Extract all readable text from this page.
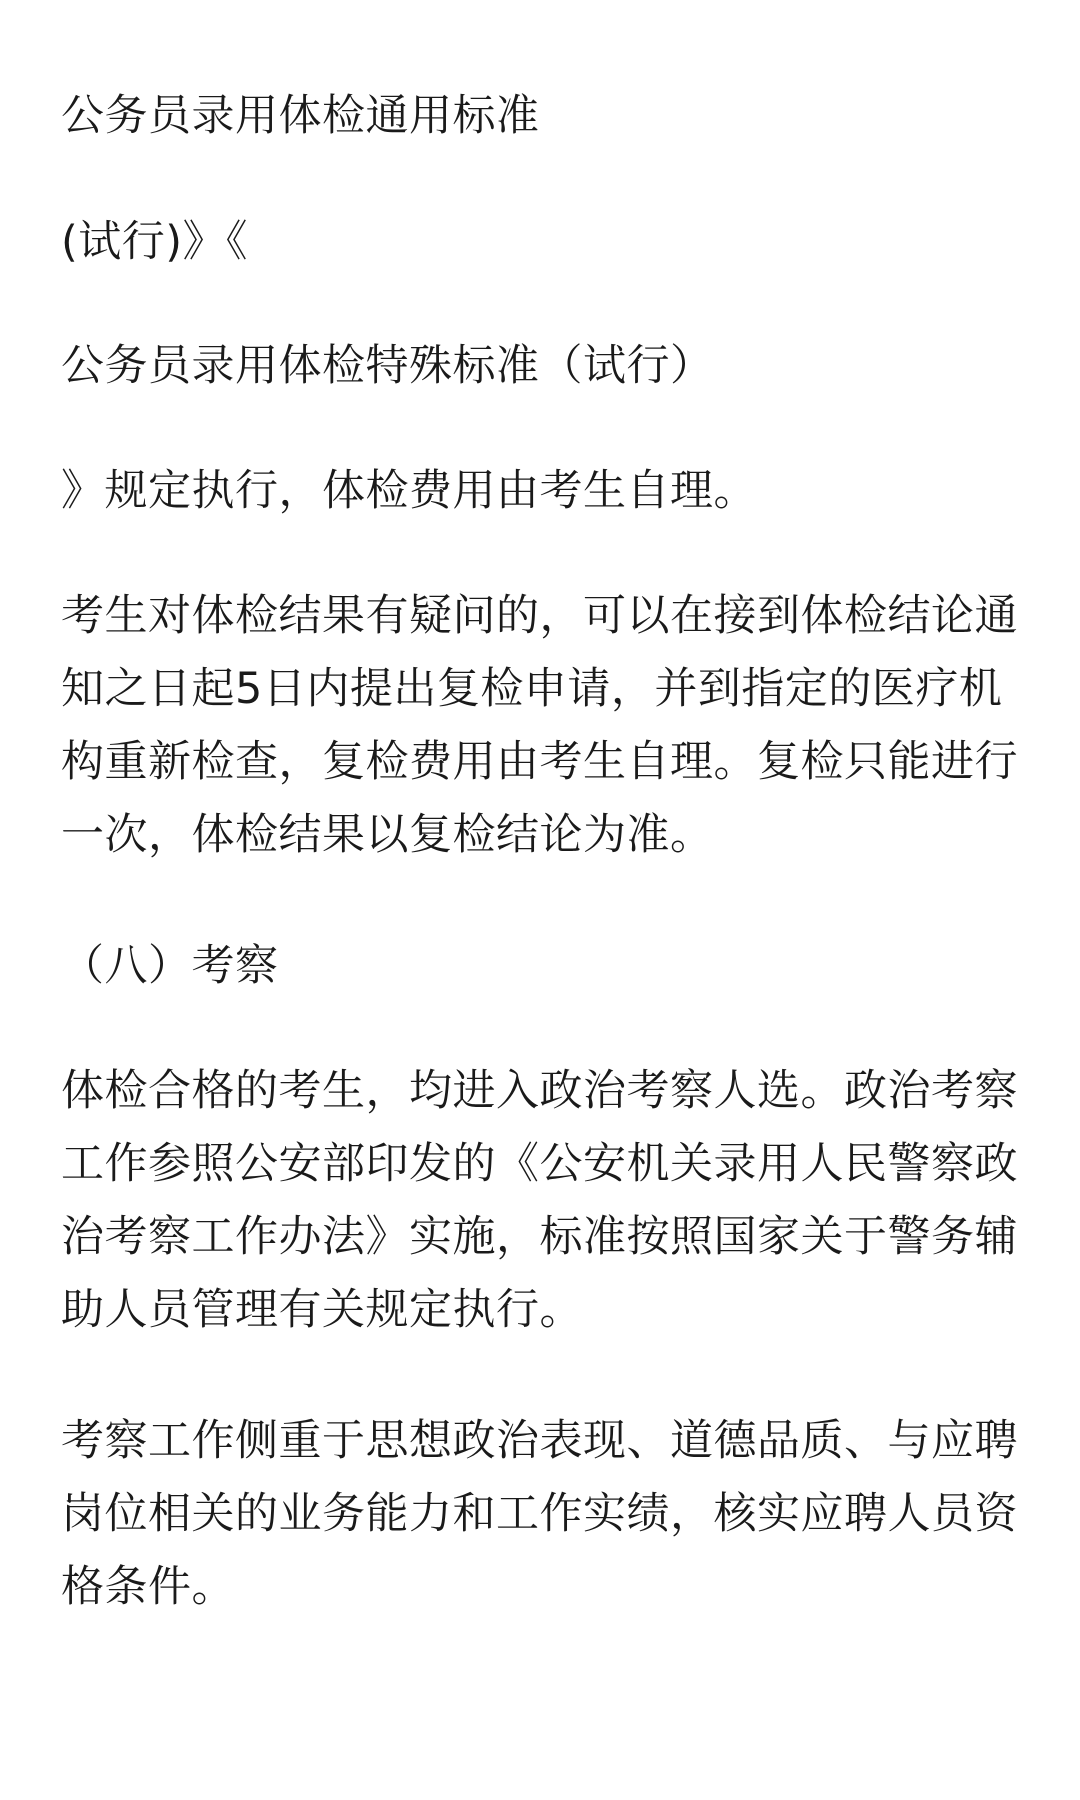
公务员录用体检通用标准

(试行)》《

公务员录用体检特殊标准（试行）

》规定执行，体检费用由考生自理。

考生对体检结果有疑问的，可以在接到体检结论通
知之日起5日内提出复检申请，并到指定的医疗机
构重新检查，复检费用由考生自理。复检只能进行
一次，体检结果以复检结论为准。

（八）考察

体检合格的考生，均进入政治考察人选。政治考察
工作参照公安部印发的《公安机关录用人民警察政
治考察工作办法》实施，标准按照国家关于警务辅
助人员管理有关规定执行。

考察工作侧重于思想政治表现、道德品质、与应聘
岗位相关的业务能力和工作实绩，核实应聘人员资
格条件。
